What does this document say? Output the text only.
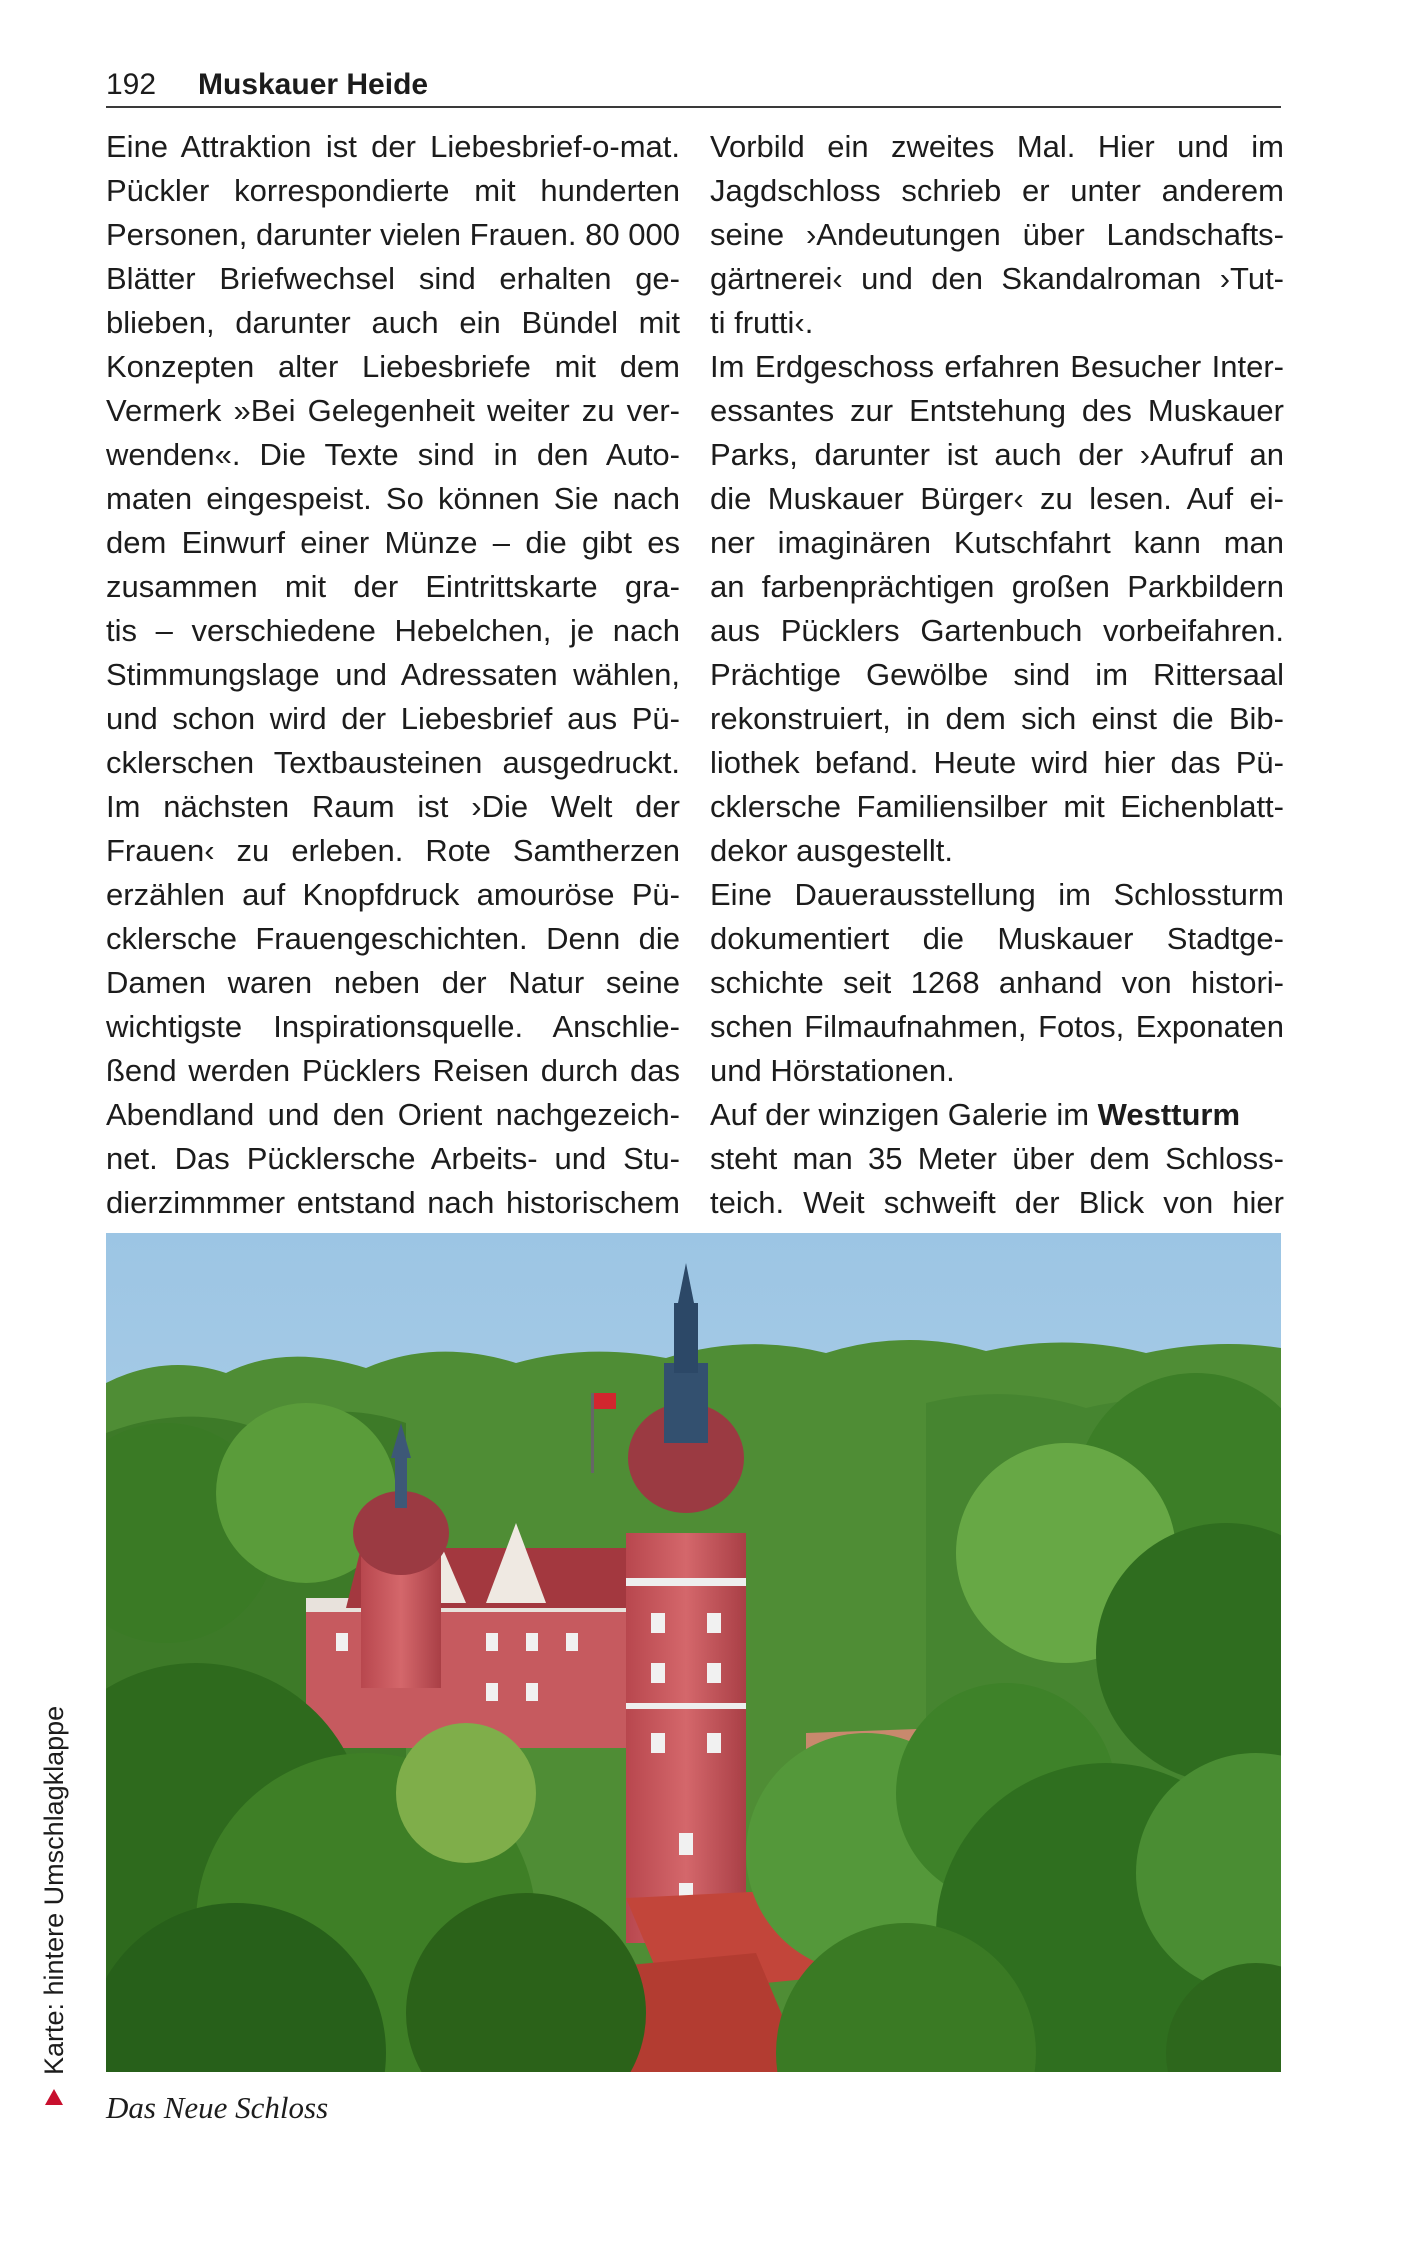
192 Muskauer Heide
Eine Attraktion ist der Liebesbrief-o-mat.
Pückler korrespondierte mit hunderten
Personen, darunter vielen Frauen. 80 000
Blätter Briefwechsel sind erhalten ge-
blieben, darunter auch ein Bündel mit
Konzepten alter Liebesbriefe mit dem
Vermerk »Bei Gelegenheit weiter zu ver-
wenden«. Die Texte sind in den Auto-
maten eingespeist. So können Sie nach
dem Einwurf einer Münze – die gibt es
zusammen mit der Eintrittskarte gra-
tis – verschiedene Hebelchen, je nach
Stimmungslage und Adressaten wählen,
und schon wird der Liebesbrief aus Pü-
cklerschen Textbausteinen ausgedruckt.
Im nächsten Raum ist ›Die Welt der
Frauen‹ zu erleben. Rote Samtherzen
erzählen auf Knopfdruck amouröse Pü-
cklersche Frauengeschichten. Denn die
Damen waren neben der Natur seine
wichtigste Inspirationsquelle. Anschlie-
ßend werden Pücklers Reisen durch das
Abendland und den Orient nachgezeich-
net. Das Pücklersche Arbeits- und Stu-
dierzimmmer entstand nach historischem
Vorbild ein zweites Mal. Hier und im
Jagdschloss schrieb er unter anderem
seine ›Andeutungen über Landschafts-
gärtnerei‹ und den Skandalroman ›Tut-
ti frutti‹.
Im Erdgeschoss erfahren Besucher Inter-
essantes zur Entstehung des Muskauer
Parks, darunter ist auch der ›Aufruf an
die Muskauer Bürger‹ zu lesen. Auf ei-
ner imaginären Kutschfahrt kann man
an farbenprächtigen großen Parkbildern
aus Pücklers Gartenbuch vorbeifahren.
Prächtige Gewölbe sind im Rittersaal
rekonstruiert, in dem sich einst die Bib-
liothek befand. Heute wird hier das Pü-
cklersche Familiensilber mit Eichenblatt-
dekor ausgestellt.
Eine Dauerausstellung im Schlossturm
dokumentiert die Muskauer Stadtge-
schichte seit 1268 anhand von histori-
schen Filmaufnahmen, Fotos, Exponaten
und Hörstationen.
Auf der winzigen Galerie im Westturm
steht man 35 Meter über dem Schloss-
teich. Weit schweift der Blick von hier
Das Neue Schloss
Karte: hintere Umschlagklappe
